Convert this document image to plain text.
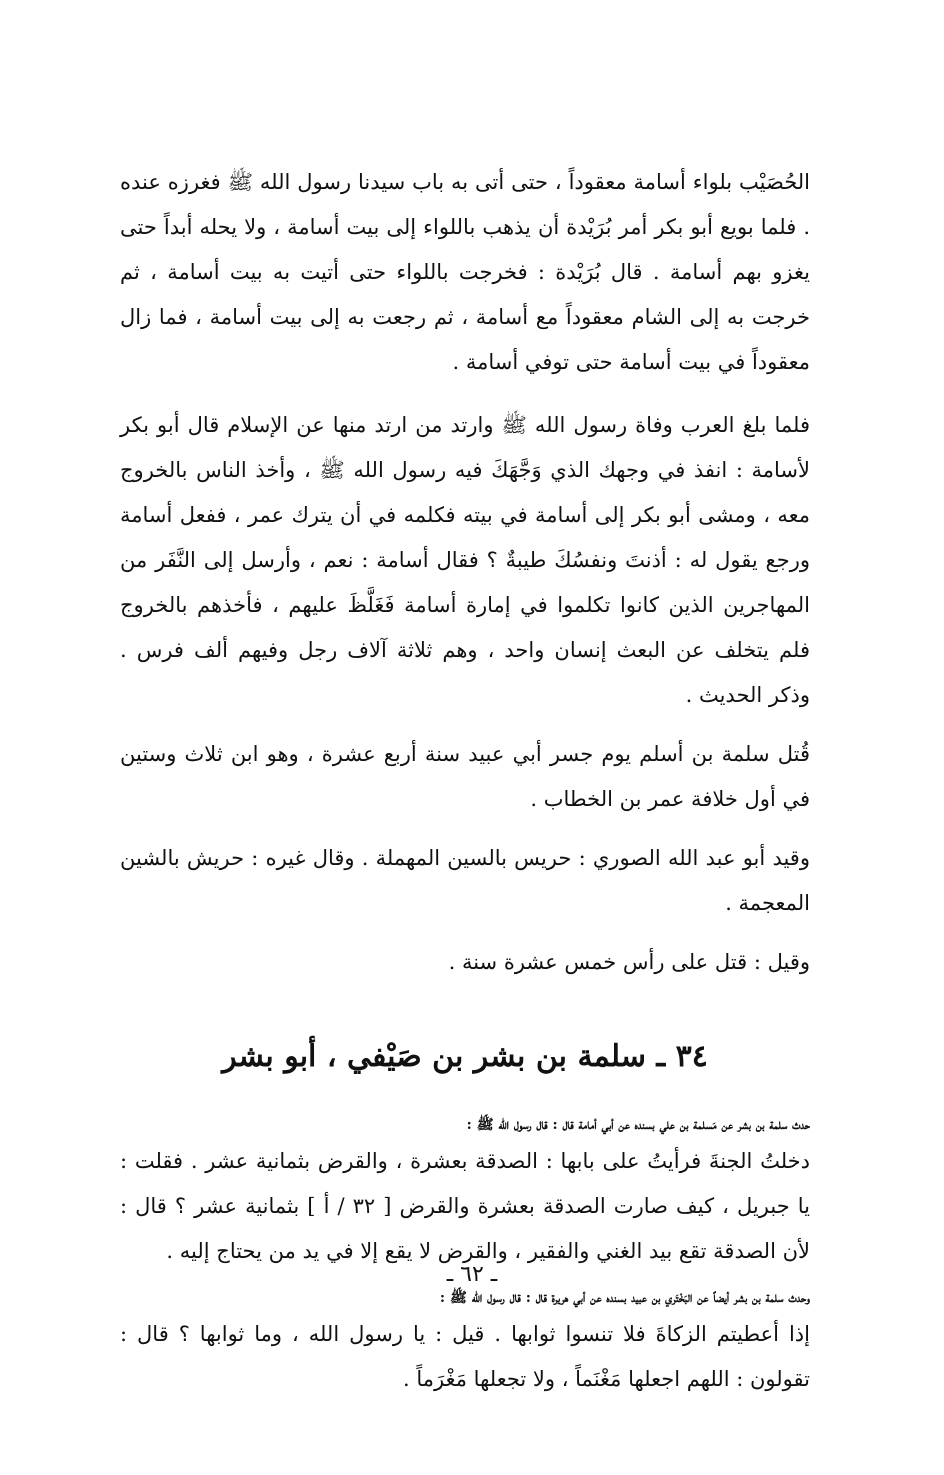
الحُصَيْب بلواء أسامة معقوداً ، حتى أتى به باب سيدنا رسول الله ﷺ فغرزه عنده . فلما بويع أبو بكر أمر بُرَيْدة أن يذهب باللواء إلى بيت أسامة ، ولا يحله أبداً حتى يغزو بهم أسامة . قال بُرَيْدة : فخرجت باللواء حتى أتيت به بيت أسامة ، ثم خرجت به إلى الشام معقوداً مع أسامة ، ثم رجعت به إلى بيت أسامة ، فما زال معقوداً في بيت أسامة حتى توفي أسامة .

فلما بلغ العرب وفاة رسول الله ﷺ وارتد من ارتد منها عن الإسلام قال أبو بكر لأسامة : انفذ في وجهك الذي وَجَّهَكَ فيه رسول الله ﷺ ، وأخذ الناس بالخروج معه ، ومشى أبو بكر إلى أسامة في بيته فكلمه في أن يترك عمر ، ففعل أسامة ورجع يقول له : أذنتَ ونفسُكَ طيبةٌ ؟ فقال أسامة : نعم ، وأرسل إلى النَّفَر من المهاجرين الذين كانوا تكلموا في إمارة أسامة فَغَلَّظَ عليهم ، فأخذهم بالخروج فلم يتخلف عن البعث إنسان واحد ، وهم ثلاثة آلاف رجل وفيهم ألف فرس . وذكر الحديث .

قُتل سلمة بن أسلم يوم جسر أبي عبيد سنة أربع عشرة ، وهو ابن ثلاث وستين في أول خلافة عمر بن الخطاب .

وقيد أبو عبد الله الصوري : حريس بالسين المهملة . وقال غيره : حريش بالشين المعجمة .

وقيل : قتل على رأس خمس عشرة سنة .

٣٤ ـ سلمة بن بشر بن صَيْفي ، أبو بشر

حدث سلمة بن بشر عن مَسلمة بن علي بسنده عن أبي أمامة قال : قال رسول الله ﷺ :

دخلتُ الجنةَ فرأيتُ على بابها : الصدقة بعشرة ، والقرض بثمانية عشر . فقلت : يا جبريل ، كيف صارت الصدقة بعشرة والقرض [ ٣٢ / أ ] بثمانية عشر ؟ قال : لأن الصدقة تقع بيد الغني والفقير ، والقرض لا يقع إلا في يد من يحتاج إليه .

وحدث سلمة بن بشر أيضاً عن البَخْتَري بن عبيد بسنده عن أبي هريرة قال : قال رسول الله ﷺ :

إذا أعطيتم الزكاةَ فلا تنسوا ثوابها . قيل : يا رسول الله ، وما ثوابها ؟ قال : تقولون : اللهم اجعلها مَغْنَماً ، ولا تجعلها مَغْرَماً .

ـ ٦٢ ـ
